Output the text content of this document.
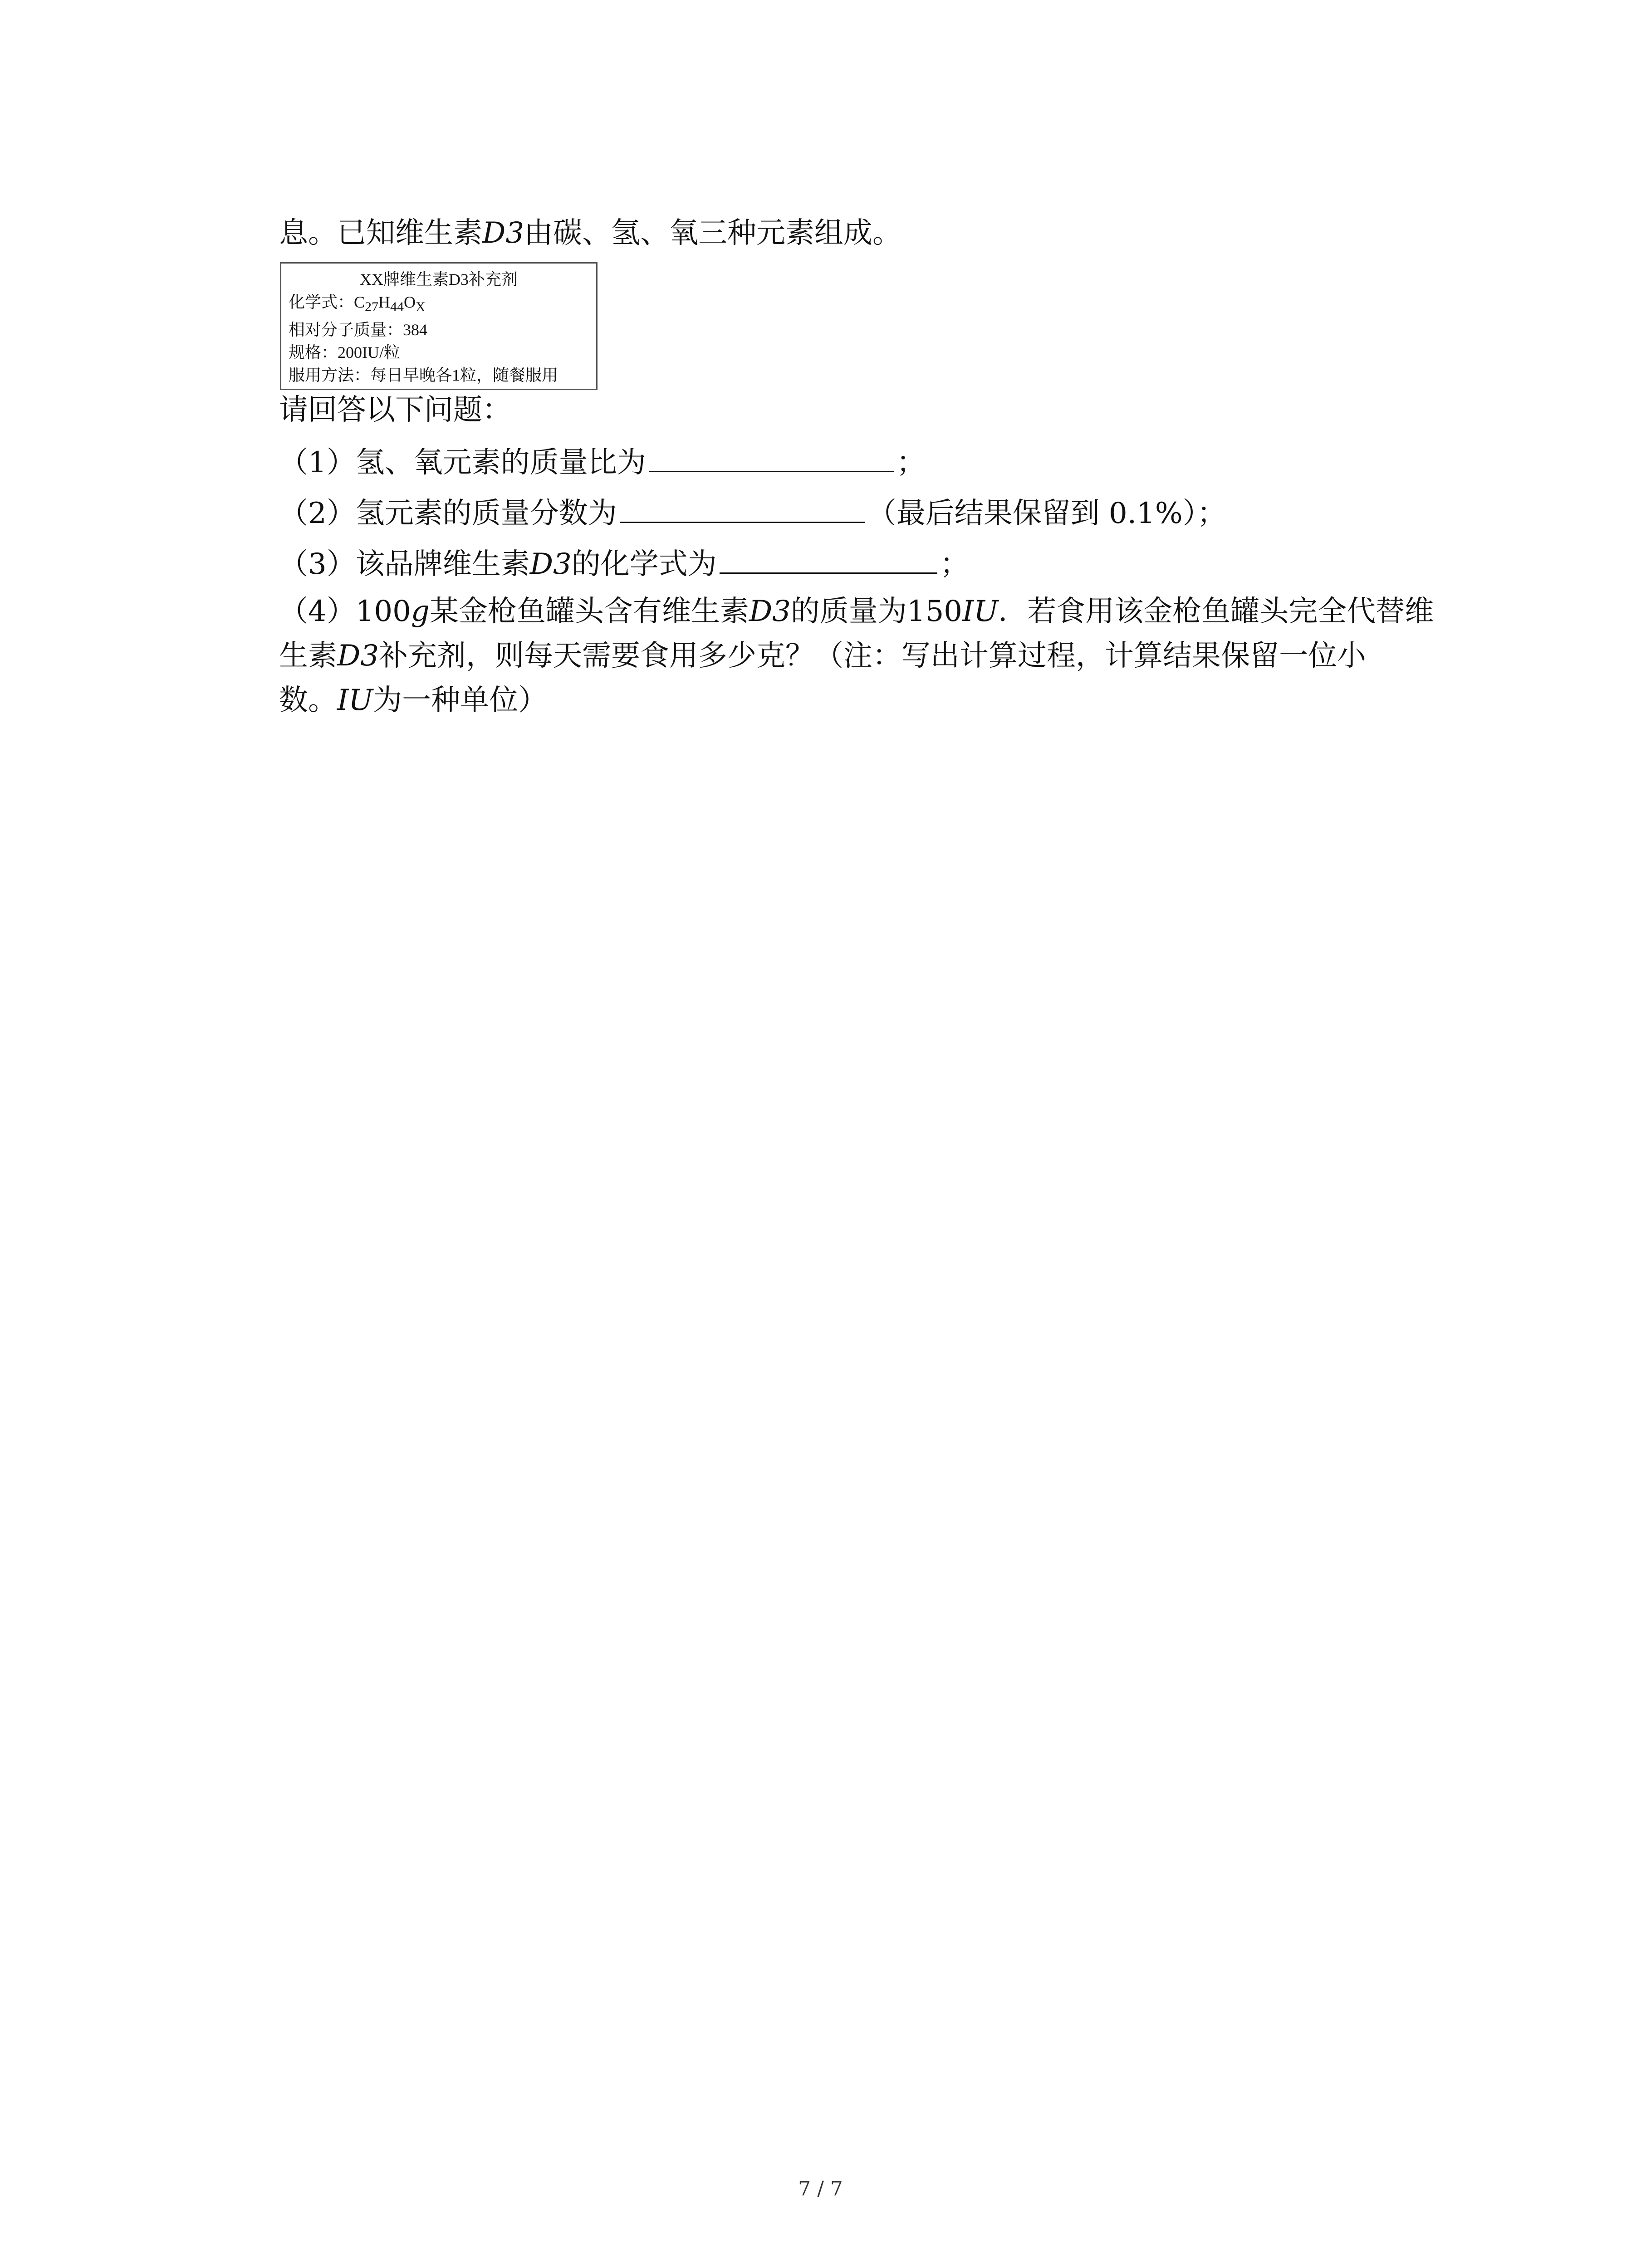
息。已知维生素D3由碳、氢、氧三种元素组成。
XX牌维生素D3补充剂
化学式：$C_{27}H_{44}O_X$
相对分子质量：384
规格：200IU/粒
服用方法：每日早晚各1粒，随餐服用
请回答以下问题：
（1）氢、氧元素的质量比为	；
（2）氢元素的质量分数为	（最后结果保留到 0.1%）；
（3）该品牌维生素D3的化学式为	；
（4）100g某金枪鱼罐头含有维生素D3的质量为150IU．若食用该金枪鱼罐头完全代替维
生素D3补充剂，则每天需要食用多少克？（注：写出计算过程，计算结果保留一位小
数。IU为一种单位）
7 / 7
